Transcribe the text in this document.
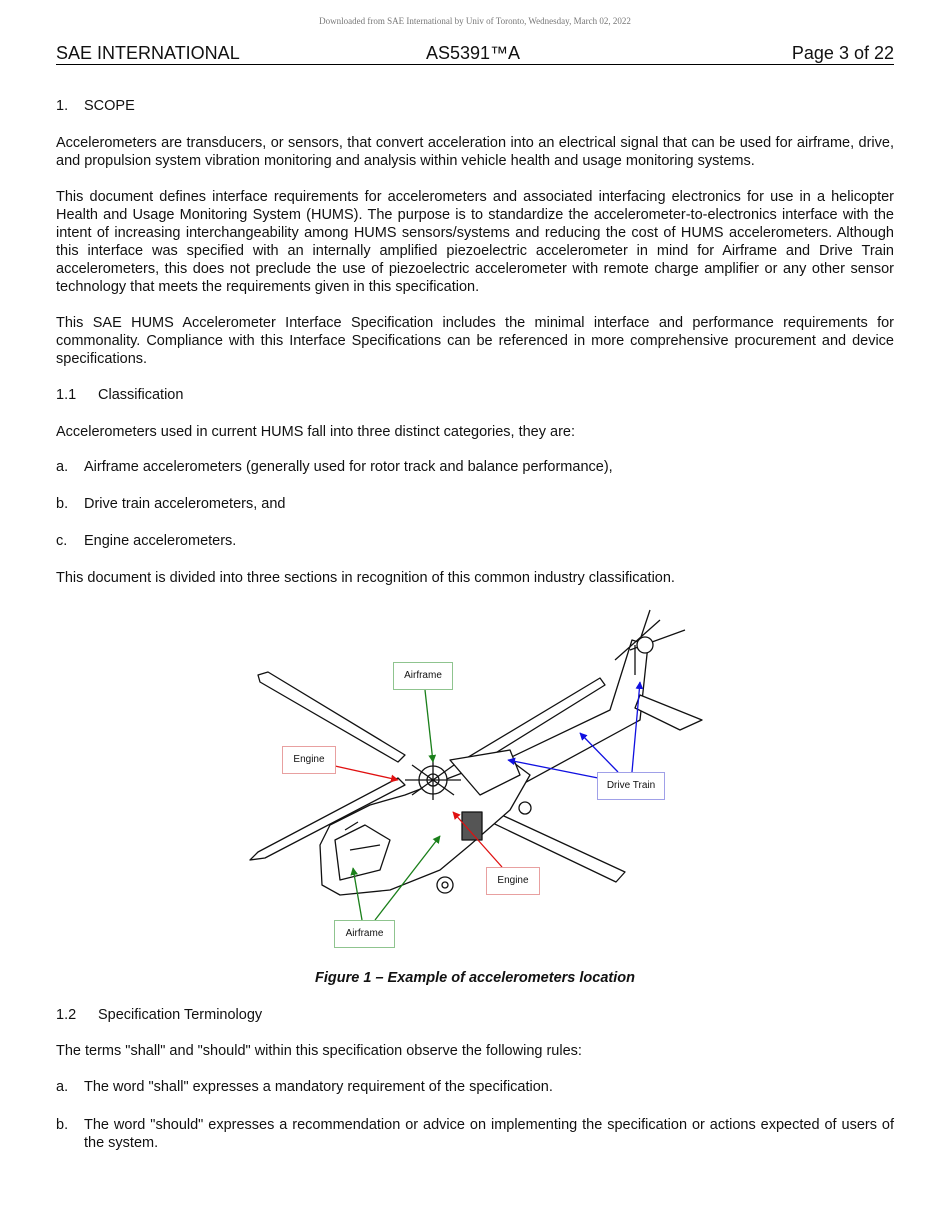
Downloaded from SAE International by Univ of Toronto, Wednesday, March 02, 2022
SAE INTERNATIONAL	AS5391™A	Page 3 of 22
1. SCOPE
Accelerometers are transducers, or sensors, that convert acceleration into an electrical signal that can be used for airframe, drive, and propulsion system vibration monitoring and analysis within vehicle health and usage monitoring systems.
This document defines interface requirements for accelerometers and associated interfacing electronics for use in a helicopter Health and Usage Monitoring System (HUMS). The purpose is to standardize the accelerometer-to-electronics interface with the intent of increasing interchangeability among HUMS sensors/systems and reducing the cost of HUMS accelerometers. Although this interface was specified with an internally amplified piezoelectric accelerometer in mind for Airframe and Drive Train accelerometers, this does not preclude the use of piezoelectric accelerometer with remote charge amplifier or any other sensor technology that meets the requirements given in this specification.
This SAE HUMS Accelerometer Interface Specification includes the minimal interface and performance requirements for commonality. Compliance with this Interface Specifications can be referenced in more comprehensive procurement and device specifications.
1.1 Classification
Accelerometers used in current HUMS fall into three distinct categories, they are:
a. Airframe accelerometers (generally used for rotor track and balance performance),
b. Drive train accelerometers, and
c. Engine accelerometers.
This document is divided into three sections in recognition of this common industry classification.
Airframe
Engine
Drive Train
Engine
Airframe
Figure 1 – Example of accelerometers location
1.2 Specification Terminology
The terms "shall" and "should" within this specification observe the following rules:
a. The word "shall" expresses a mandatory requirement of the specification.
b. The word "should" expresses a recommendation or advice on implementing the specification or actions expected of users of the system.
